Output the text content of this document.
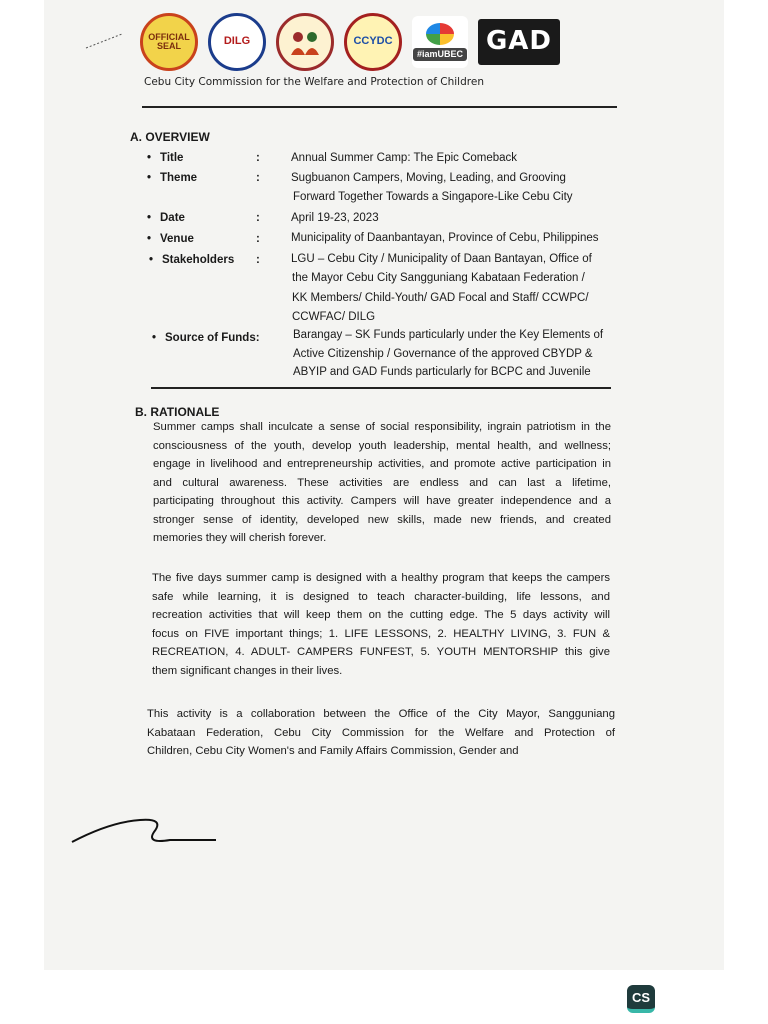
OFFICIAL SEAL	DILG	CCYDC
#iamUBEC GAD
Cebu City Commission for the Welfare and Protection of Children
A. OVERVIEW
• Title	:	Annual Summer Camp: The Epic Comeback
• Theme	:	Sugbuanon Campers, Moving, Leading, and Grooving
Forward Together Towards a Singapore-Like Cebu City
• Date	:	April 19-23, 2023
• Venue	:	Municipality of Daanbantayan, Province of Cebu, Philippines
• Stakeholders :	LGU – Cebu City / Municipality of Daan Bantayan, Office of
the Mayor Cebu City Sangguniang Kabataan Federation /
KK Members/ Child-Youth/ GAD Focal and Staff/ CCWPC/
CCWFAC/ DILG
• Source of Funds:	Barangay – SK Funds particularly under the Key Elements of
Active Citizenship / Governance of the approved CBYDP &
ABYIP and GAD Funds particularly for BCPC and Juvenile
B. RATIONALE
Summer camps shall inculcate a sense of social responsibility, ingrain patriotism in the
consciousness of the youth, develop youth leadership, mental health, and wellness;
engage in livelihood and entrepreneurship activities, and promote active participation in
and cultural awareness. These activities are endless and can last a lifetime,
participating throughout this activity. Campers will have greater independence and a
stronger sense of identity, developed new skills, made new friends, and created
memories they will cherish forever.
The five days summer camp is designed with a healthy program that keeps the campers
safe while learning, it is designed to teach character-building, life lessons, and
recreation activities that will keep them on the cutting edge. The 5 days activity will
focus on FIVE important things; 1. LIFE LESSONS, 2. HEALTHY LIVING, 3. FUN &
RECREATION, 4. ADULT- CAMPERS FUNFEST, 5. YOUTH MENTORSHIP this give
them significant changes in their lives.
This activity is a collaboration between the Office of the City Mayor, Sangguniang
Kabataan Federation, Cebu City Commission for the Welfare and Protection of
Children, Cebu City Women's and Family Affairs Commission, Gender and
CS
